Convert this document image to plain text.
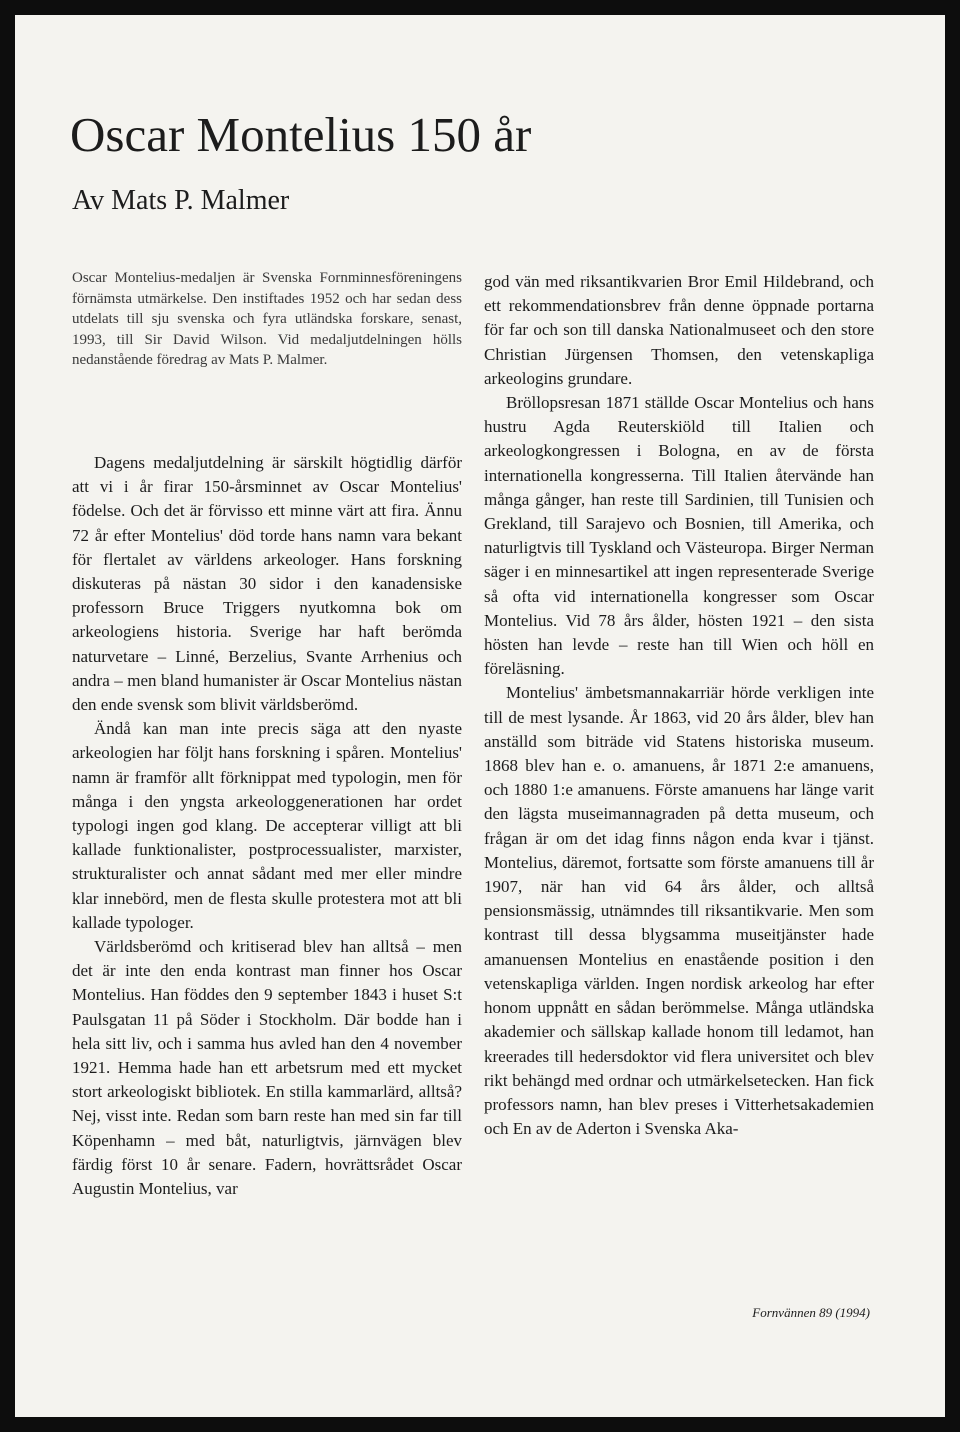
Oscar Montelius 150 år
Av Mats P. Malmer

Oscar Montelius-medaljen är Svenska Fornminnesföreningens förnämsta utmärkelse. Den instiftades 1952 och har sedan dess utdelats till sju svenska och fyra utländska forskare, senast, 1993, till Sir David Wilson. Vid medaljutdelningen hölls nedanstående föredrag av Mats P. Malmer.

Dagens medaljutdelning är särskilt högtidlig därför att vi i år firar 150-årsminnet av Oscar Montelius' födelse. Och det är förvisso ett minne värt att fira. Ännu 72 år efter Montelius' död torde hans namn vara bekant för flertalet av världens arkeologer. Hans forskning diskuteras på nästan 30 sidor i den kanadensiske professorn Bruce Triggers nyutkomna bok om arkeologiens historia. Sverige har haft berömda naturvetare – Linné, Berzelius, Svante Arrhenius och andra – men bland humanister är Oscar Montelius nästan den ende svensk som blivit världsberömd.

Ändå kan man inte precis säga att den nyaste arkeologien har följt hans forskning i spåren. Montelius' namn är framför allt förknippat med typologin, men för många i den yngsta arkeologgenerationen har ordet typologi ingen god klang. De accepterar villigt att bli kallade funktionalister, postprocessualister, marxister, strukturalister och annat sådant med mer eller mindre klar innebörd, men de flesta skulle protestera mot att bli kallade typologer.

Världsberömd och kritiserad blev han alltså – men det är inte den enda kontrast man finner hos Oscar Montelius. Han föddes den 9 september 1843 i huset S:t Paulsgatan 11 på Söder i Stockholm. Där bodde han i hela sitt liv, och i samma hus avled han den 4 november 1921. Hemma hade han ett arbetsrum med ett mycket stort arkeologiskt bibliotek. En stilla kammarlärd, alltså? Nej, visst inte. Redan som barn reste han med sin far till Köpenhamn – med båt, naturligtvis, järnvägen blev färdig först 10 år senare. Fadern, hovrättsrådet Oscar Augustin Montelius, var

god vän med riksantikvarien Bror Emil Hildebrand, och ett rekommendationsbrev från denne öppnade portarna för far och son till danska Nationalmuseet och den store Christian Jürgensen Thomsen, den vetenskapliga arkeologins grundare.

Bröllopsresan 1871 ställde Oscar Montelius och hans hustru Agda Reuterskiöld till Italien och arkeologkongressen i Bologna, en av de första internationella kongresserna. Till Italien återvände han många gånger, han reste till Sardinien, till Tunisien och Grekland, till Sarajevo och Bosnien, till Amerika, och naturligtvis till Tyskland och Västeuropa. Birger Nerman säger i en minnesartikel att ingen representerade Sverige så ofta vid internationella kongresser som Oscar Montelius. Vid 78 års ålder, hösten 1921 – den sista hösten han levde – reste han till Wien och höll en föreläsning.

Montelius' ämbetsmannakarriär hörde verkligen inte till de mest lysande. År 1863, vid 20 års ålder, blev han anställd som biträde vid Statens historiska museum. 1868 blev han e. o. amanuens, år 1871 2:e amanuens, och 1880 1:e amanuens. Förste amanuens har länge varit den lägsta museimannagraden på detta museum, och frågan är om det idag finns någon enda kvar i tjänst. Montelius, däremot, fortsatte som förste amanuens till år 1907, när han vid 64 års ålder, och alltså pensionsmässig, utnämndes till riksantikvarie. Men som kontrast till dessa blygsamma museitjänster hade amanuensen Montelius en enastående position i den vetenskapliga världen. Ingen nordisk arkeolog har efter honom uppnått en sådan berömmelse. Många utländska akademier och sällskap kallade honom till ledamot, han kreerades till hedersdoktor vid flera universitet och blev rikt behängd med ordnar och utmärkelsetecken. Han fick professors namn, han blev preses i Vitterhetsakademien och En av de Aderton i Svenska Aka-

Fornvännen 89 (1994)
